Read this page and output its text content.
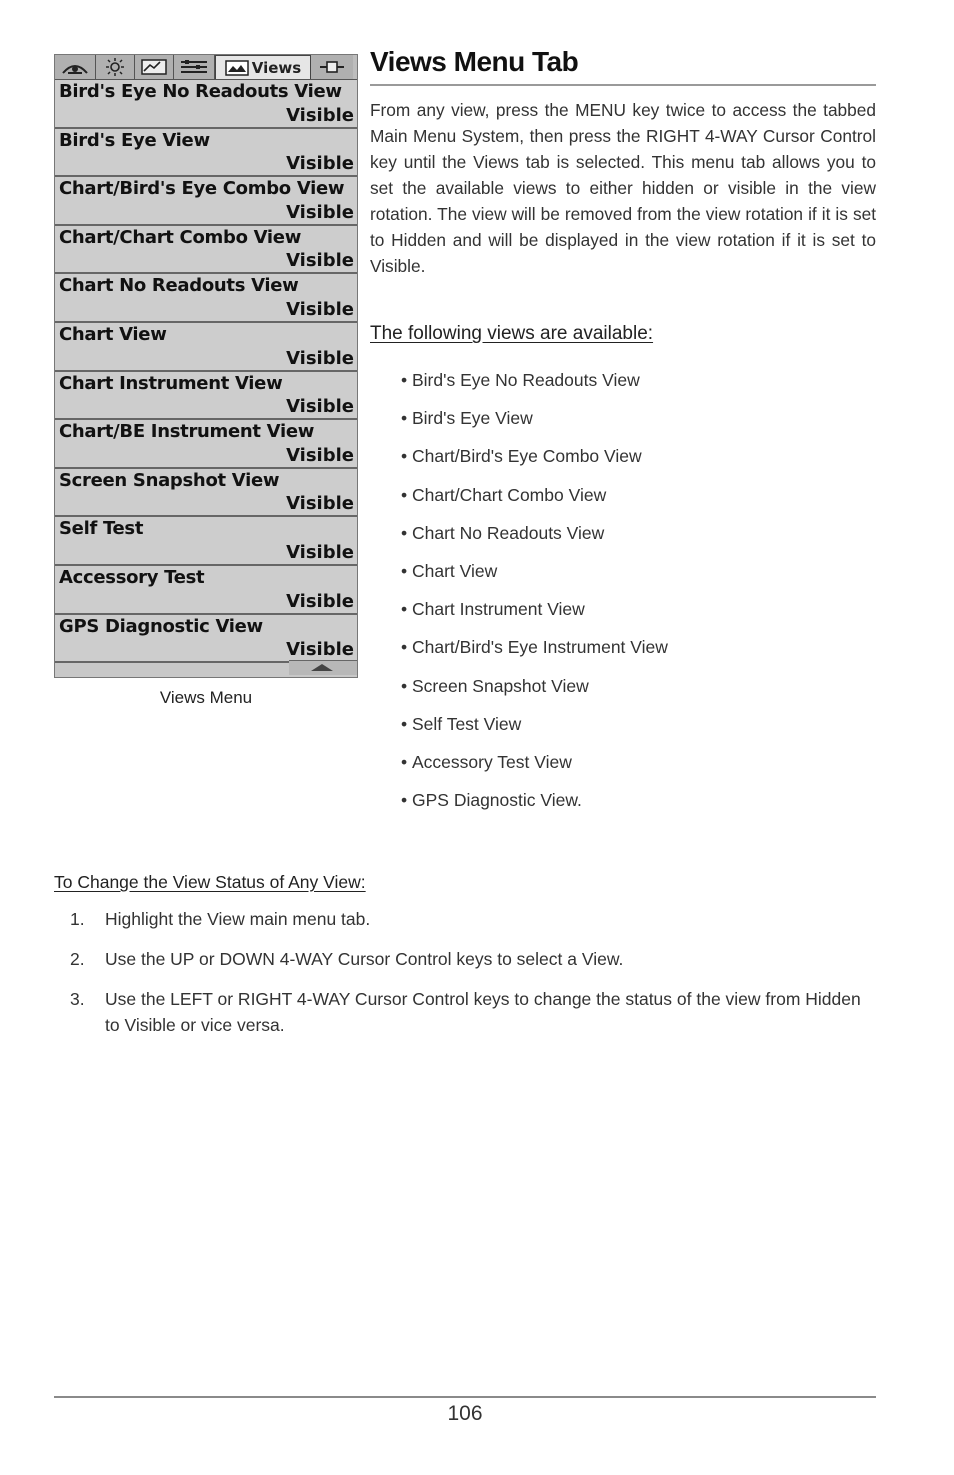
Views
Bird's Eye No Readouts View
Visible
Bird's Eye View
Visible
Chart/Bird's Eye Combo View
Visible
Chart/Chart Combo View
Visible
Chart No Readouts View
Visible
Chart View
Visible
Chart Instrument View
Visible
Chart/BE Instrument View
Visible
Screen Snapshot View
Visible
Self Test
Visible
Accessory Test
Visible
GPS Diagnostic View
Visible
Views Menu
Views Menu Tab

From any view, press the MENU key twice to access the tabbed Main Menu System, then press the RIGHT 4-WAY Cursor Control key until the Views tab is selected. This menu tab allows you to set the available views to either hidden or visible in the view rotation. The view will be removed from the view rotation if it is set to Hidden and will be displayed in the view rotation if it is set to Visible.

The following views are available:
• Bird's Eye No Readouts View
• Bird's Eye View
• Chart/Bird's Eye Combo View
• Chart/Chart Combo View
• Chart No Readouts View
• Chart View
• Chart Instrument View
• Chart/Bird's Eye Instrument View
• Screen Snapshot View
• Self Test View
• Accessory Test View
• GPS Diagnostic View.
To Change the View Status of Any View:
1. Highlight the View main menu tab.
2. Use the UP or DOWN 4-WAY Cursor Control keys to select a View.
3. Use the LEFT or RIGHT 4-WAY Cursor Control keys to change the status of the view from Hidden to Visible or vice versa.
106
